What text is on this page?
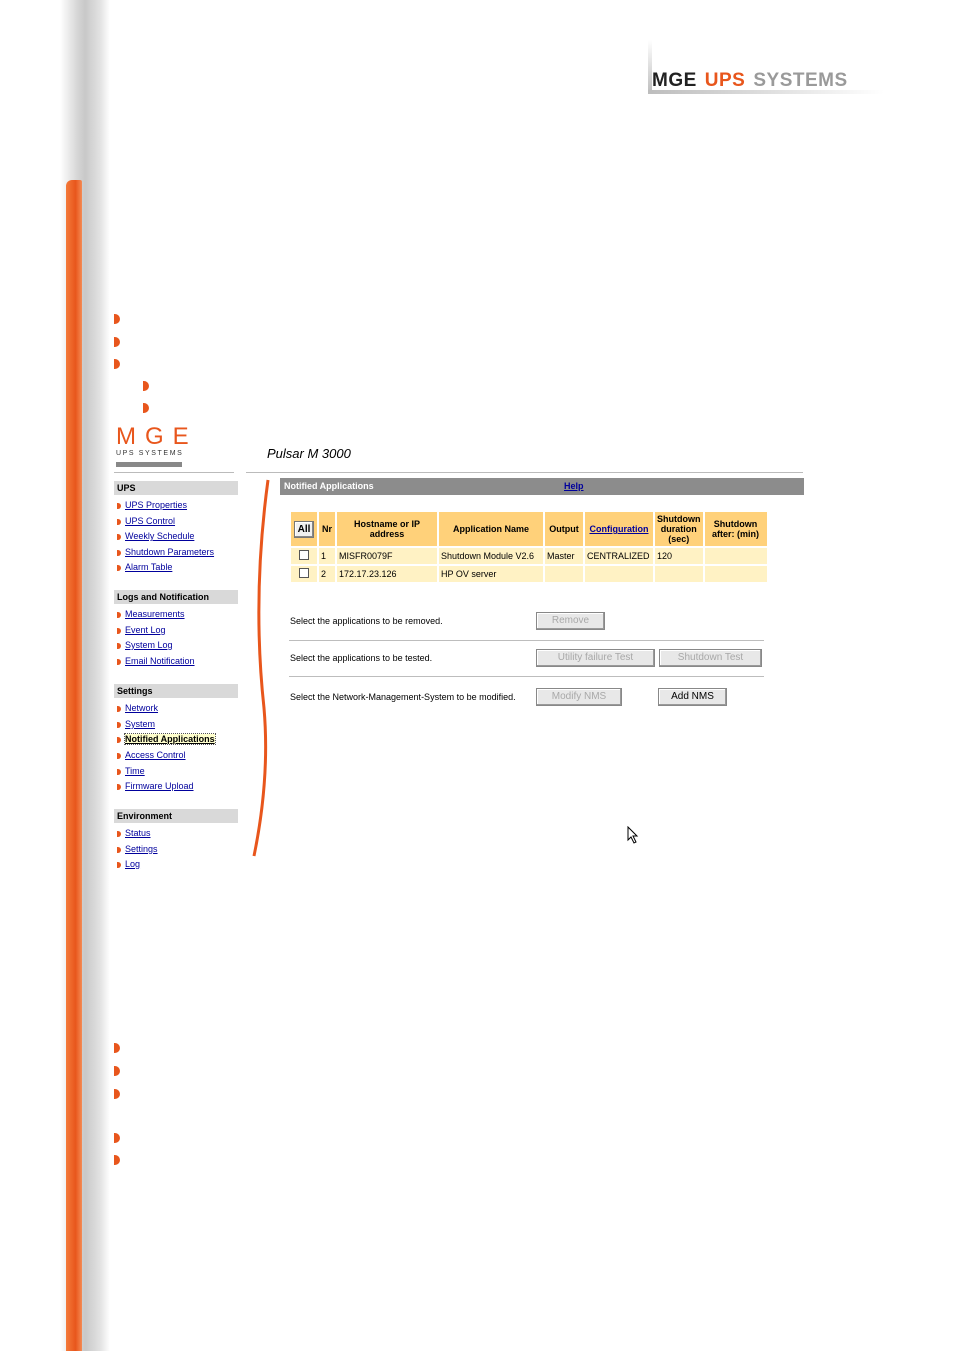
MGE UPS SYSTEMS
MGE
UPS SYSTEMS	Pulsar M 3000
UPS
UPS Properties
UPS Control
Weekly Schedule
Shutdown Parameters
Alarm Table
Logs and Notification
Measurements
Event Log
System Log
Email Notification
Settings
Network
System
Notified Applications
Access Control
Time
Firmware Upload
Environment
Status
Settings
Log
Notified Applications	Help
All	Nr	Hostname or IP address	Application Name	Output	Configuration	Shutdown duration (sec)	Shutdown after: (min)
	1	MISFR0079F	Shutdown Module V2.6	Master	CENTRALIZED	120	
	2	172.17.23.126	HP OV server				
Select the applications to be removed.	Remove
Select the applications to be tested.	Utility failure Test	Shutdown Test
Select the Network-Management-System to be modified.	Modify NMS	Add NMS
